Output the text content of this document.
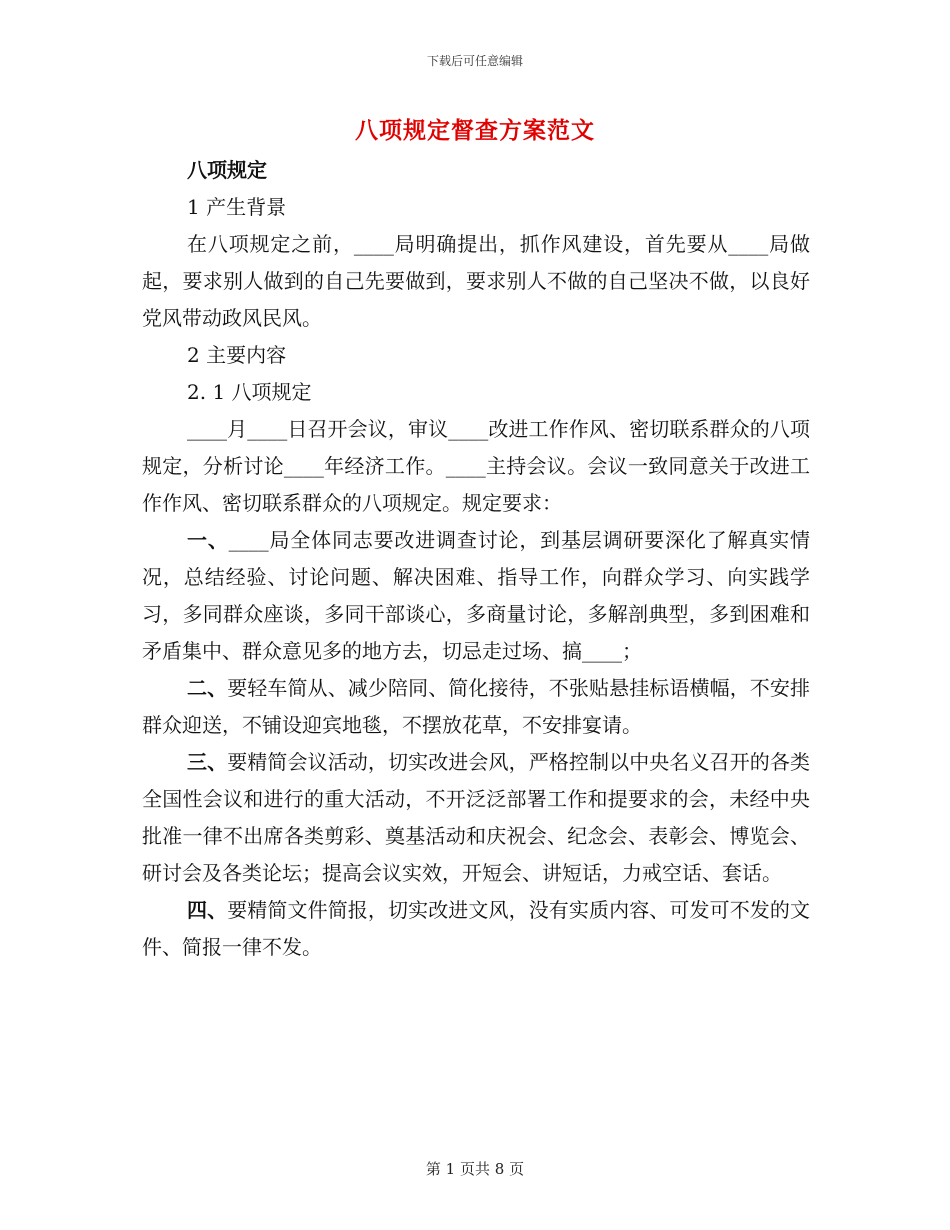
下载后可任意编辑
八项规定督查方案范文

八项规定

1 产生背景

在八项规定之前，____局明确提出，抓作风建设，首先要从____局做起，要求别人做到的自己先要做到，要求别人不做的自己坚决不做，以良好党风带动政风民风。

2 主要内容

2. 1 八项规定

____月____日召开会议，审议____改进工作作风、密切联系群众的八项规定，分析讨论____年经济工作。____主持会议。会议一致同意关于改进工作作风、密切联系群众的八项规定。规定要求：

一、____局全体同志要改进调查讨论，到基层调研要深化了解真实情况，总结经验、讨论问题、解决困难、指导工作，向群众学习、向实践学习，多同群众座谈，多同干部谈心，多商量讨论，多解剖典型，多到困难和矛盾集中、群众意见多的地方去，切忌走过场、搞____；

二、要轻车简从、减少陪同、简化接待，不张贴悬挂标语横幅，不安排群众迎送，不铺设迎宾地毯，不摆放花草，不安排宴请。

三、要精简会议活动，切实改进会风，严格控制以中央名义召开的各类全国性会议和进行的重大活动，不开泛泛部署工作和提要求的会，未经中央批准一律不出席各类剪彩、奠基活动和庆祝会、纪念会、表彰会、博览会、研讨会及各类论坛；提高会议实效，开短会、讲短话，力戒空话、套话。

四、要精简文件简报，切实改进文风，没有实质内容、可发可不发的文件、简报一律不发。

第 1 页共 8 页
